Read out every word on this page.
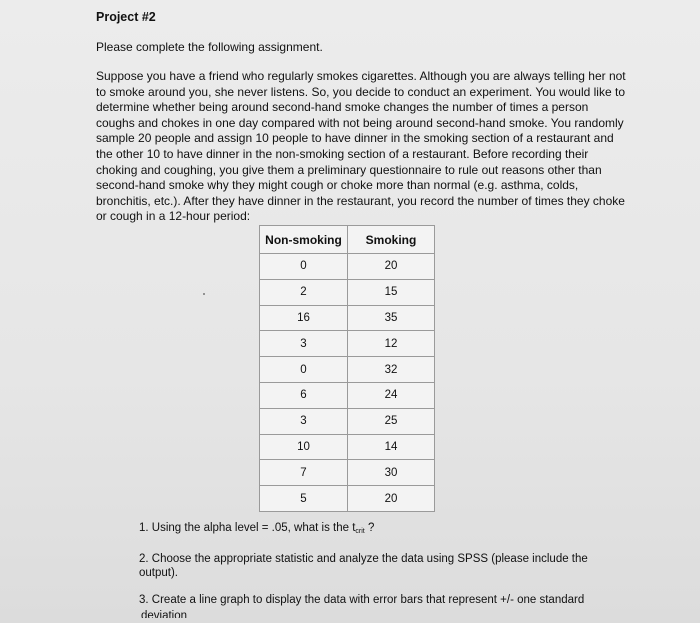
Project #2
Please complete the following assignment.
Suppose you have a friend who regularly smokes cigarettes. Although you are always telling her not to smoke around you, she never listens. So, you decide to conduct an experiment. You would like to determine whether being around second-hand smoke changes the number of times a person coughs and chokes in one day compared with not being around second-hand smoke. You randomly sample 20 people and assign 10 people to have dinner in the smoking section of a restaurant and the other 10 to have dinner in the non-smoking section of a restaurant. Before recording their choking and coughing, you give them a preliminary questionnaire to rule out reasons other than second-hand smoke why they might cough or choke more than normal (e.g. asthma, colds, bronchitis, etc.). After they have dinner in the restaurant, you record the number of times they choke or cough in a 12-hour period:
Non-smoking	Smoking
0	20
2	15
16	35
3	12
0	32
6	24
3	25
10	14
7	30
5	20
1. Using the alpha level = .05, what is the $t_{crit}$ ?
2. Choose the appropriate statistic and analyze the data using SPSS (please include the output).
3. Create a line graph to display the data with error bars that represent +/- one standard
deviation
